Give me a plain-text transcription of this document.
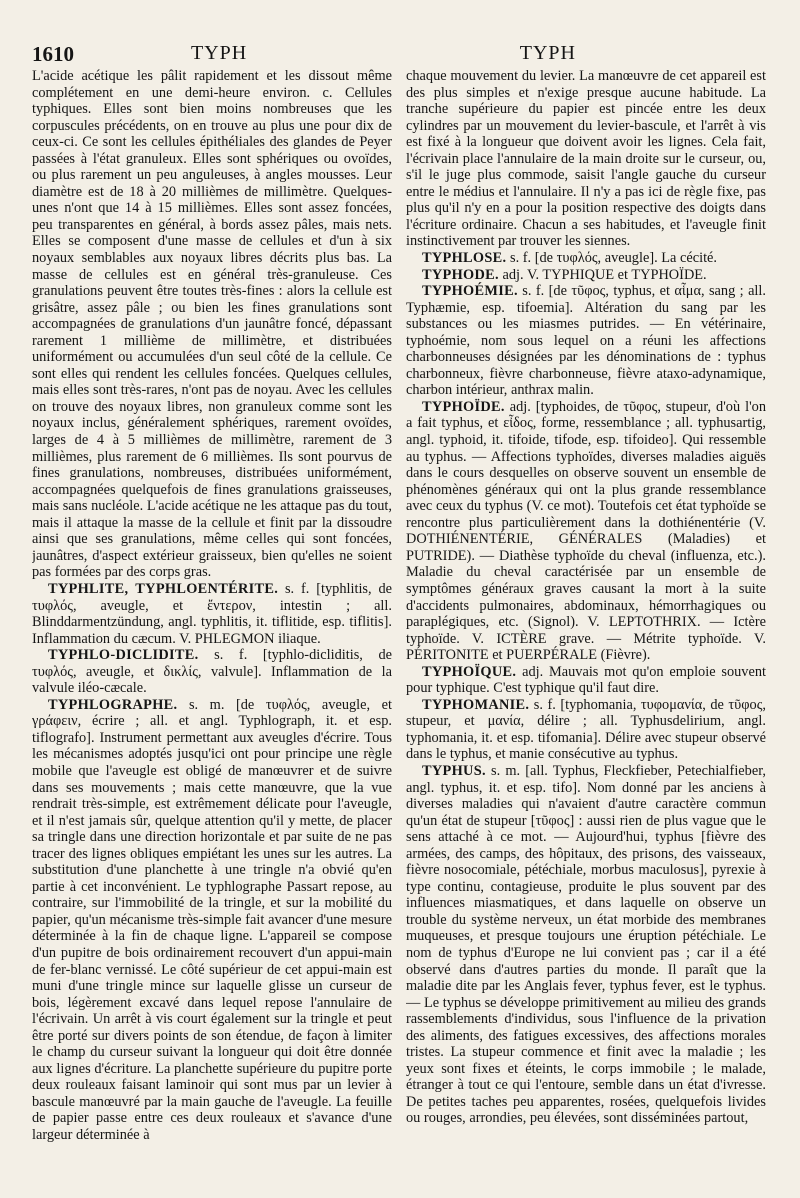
1610	TYPH	TYPH

L'acide acétique les pâlit rapidement et les dissout même complétement en une demi-heure environ. c. Cellules typhiques. Elles sont bien moins nombreuses que les corpuscules précédents, on en trouve au plus une pour dix de ceux-ci. Ce sont les cellules épithéliales des glandes de Peyer passées à l'état granuleux. Elles sont sphériques ou ovoïdes, ou plus rarement un peu anguleuses, à angles mousses. Leur diamètre est de 18 à 20 millièmes de millimètre. Quelques-unes n'ont que 14 à 15 millièmes. Elles sont assez foncées, peu transparentes en général, à bords assez pâles, mais nets. Elles se composent d'une masse de cellules et d'un à six noyaux semblables aux noyaux libres décrits plus bas. La masse de cellules est en général très-granuleuse. Ces granulations peuvent être toutes très-fines : alors la cellule est grisâtre, assez pâle ; ou bien les fines granulations sont accompagnées de granulations d'un jaunâtre foncé, dépassant rarement 1 millième de millimètre, et distribuées uniformément ou accumulées d'un seul côté de la cellule. Ce sont elles qui rendent les cellules foncées. Quelques cellules, mais elles sont très-rares, n'ont pas de noyau. Avec les cellules on trouve des noyaux libres, non granuleux comme sont les noyaux inclus, généralement sphériques, rarement ovoïdes, larges de 4 à 5 millièmes de millimètre, rarement de 3 millièmes, plus rarement de 6 millièmes. Ils sont pourvus de fines granulations, nombreuses, distribuées uniformément, accompagnées quelquefois de fines granulations graisseuses, mais sans nucléole. L'acide acétique ne les attaque pas du tout, mais il attaque la masse de la cellule et finit par la dissoudre ainsi que ses granulations, même celles qui sont foncées, jaunâtres, d'aspect extérieur graisseux, bien qu'elles ne soient pas formées par des corps gras.

TYPHLITE, TYPHLOENTÉRITE. s. f. [typhlitis, de τυφλός, aveugle, et ἔντερον, intestin ; all. Blinddarmentzündung, angl. typhlitis, it. tiflitide, esp. tiflitis]. Inflammation du cæcum. V. PHLEGMON iliaque.

TYPHLO-DICLIDITE. s. f. [typhlo-dicliditis, de τυφλός, aveugle, et δικλίς, valvule]. Inflammation de la valvule iléo-cæcale.

TYPHLOGRAPHE. s. m. [de τυφλός, aveugle, et γράφειν, écrire ; all. et angl. Typhlograph, it. et esp. tiflografo]. Instrument permettant aux aveugles d'écrire. Tous les mécanismes adoptés jusqu'ici ont pour principe une règle mobile que l'aveugle est obligé de manœuvrer et de suivre dans ses mouvements ; mais cette manœuvre, que la vue rendrait très-simple, est extrêmement délicate pour l'aveugle, et il n'est jamais sûr, quelque attention qu'il y mette, de placer sa tringle dans une direction horizontale et par suite de ne pas tracer des lignes obliques empiétant les unes sur les autres. La substitution d'une planchette à une tringle n'a obvié qu'en partie à cet inconvénient. Le typhlographe Passart repose, au contraire, sur l'immobilité de la tringle, et sur la mobilité du papier, qu'un mécanisme très-simple fait avancer d'une mesure déterminée à la fin de chaque ligne. L'appareil se compose d'un pupitre de bois ordinairement recouvert d'un appui-main de fer-blanc vernissé. Le côté supérieur de cet appui-main est muni d'une tringle mince sur laquelle glisse un curseur de bois, légèrement excavé dans lequel repose l'annulaire de l'écrivain. Un arrêt à vis court également sur la tringle et peut être porté sur divers points de son étendue, de façon à limiter le champ du curseur suivant la longueur qui doit être donnée aux lignes d'écriture. La planchette supérieure du pupitre porte deux rouleaux faisant laminoir qui sont mus par un levier à bascule manœuvré par la main gauche de l'aveugle. La feuille de papier passe entre ces deux rouleaux et s'avance d'une largeur déterminée à

chaque mouvement du levier. La manœuvre de cet appareil est des plus simples et n'exige presque aucune habitude. La tranche supérieure du papier est pincée entre les deux cylindres par un mouvement du levier-bascule, et l'arrêt à vis est fixé à la longueur que doivent avoir les lignes. Cela fait, l'écrivain place l'annulaire de la main droite sur le curseur, ou, s'il le juge plus commode, saisit l'angle gauche du curseur entre le médius et l'annulaire. Il n'y a pas ici de règle fixe, pas plus qu'il n'y en a pour la position respective des doigts dans l'écriture ordinaire. Chacun a ses habitudes, et l'aveugle finit instinctivement par trouver les siennes.

TYPHLOSE. s. f. [de τυφλός, aveugle]. La cécité.

TYPHODE. adj. V. TYPHIQUE et TYPHOÏDE.

TYPHOÉMIE. s. f. [de τῦφος, typhus, et αἷμα, sang ; all. Typhæmie, esp. tifoemia]. Altération du sang par les substances ou les miasmes putrides. — En vétérinaire, typhoémie, nom sous lequel on a réuni les affections charbonneuses désignées par les dénominations de : typhus charbonneux, fièvre charbonneuse, fièvre ataxo-adynamique, charbon intérieur, anthrax malin.

TYPHOÏDE. adj. [typhoides, de τῦφος, stupeur, d'où l'on a fait typhus, et εἶδος, forme, ressemblance ; all. typhusartig, angl. typhoid, it. tifoide, tifode, esp. tifoideo]. Qui ressemble au typhus. — Affections typhoïdes, diverses maladies aiguës dans le cours desquelles on observe souvent un ensemble de phénomènes généraux qui ont la plus grande ressemblance avec ceux du typhus (V. ce mot). Toutefois cet état typhoïde se rencontre plus particulièrement dans la dothiénentérie (V. DOTHIÉNENTÉRIE, GÉNÉRALES (Maladies) et PUTRIDE). — Diathèse typhoïde du cheval (influenza, etc.). Maladie du cheval caractérisée par un ensemble de symptômes généraux graves causant la mort à la suite d'accidents pulmonaires, abdominaux, hémorrhagiques ou paraplégiques, etc. (Signol). V. LEPTOTHRIX. — Ictère typhoïde. V. ICTÈRE grave. — Métrite typhoïde. V. PÉRITONITE et PUERPÉRALE (Fièvre).

TYPHOÏQUE. adj. Mauvais mot qu'on emploie souvent pour typhique. C'est typhique qu'il faut dire.

TYPHOMANIE. s. f. [typhomania, τυφομανία, de τῦφος, stupeur, et μανία, délire ; all. Typhusdelirium, angl. typhomania, it. et esp. tifomania]. Délire avec stupeur observé dans le typhus, et manie consécutive au typhus.

TYPHUS. s. m. [all. Typhus, Fleckfieber, Petechialfieber, angl. typhus, it. et esp. tifo]. Nom donné par les anciens à diverses maladies qui n'avaient d'autre caractère commun qu'un état de stupeur [τῦφος] : aussi rien de plus vague que le sens attaché à ce mot. — Aujourd'hui, typhus [fièvre des armées, des camps, des hôpitaux, des prisons, des vaisseaux, fièvre nosocomiale, pétéchiale, morbus maculosus], pyrexie à type continu, contagieuse, produite le plus souvent par des influences miasmatiques, et dans laquelle on observe un trouble du système nerveux, un état morbide des membranes muqueuses, et presque toujours une éruption pétéchiale. Le nom de typhus d'Europe ne lui convient pas ; car il a été observé dans d'autres parties du monde. Il paraît que la maladie dite par les Anglais fever, typhus fever, est le typhus. — Le typhus se développe primitivement au milieu des grands rassemblements d'individus, sous l'influence de la privation des aliments, des fatigues excessives, des affections morales tristes. La stupeur commence et finit avec la maladie ; les yeux sont fixes et éteints, le corps immobile ; le malade, étranger à tout ce qui l'entoure, semble dans un état d'ivresse. De petites taches peu apparentes, rosées, quelquefois livides ou rouges, arrondies, peu élevées, sont disséminées partout,
